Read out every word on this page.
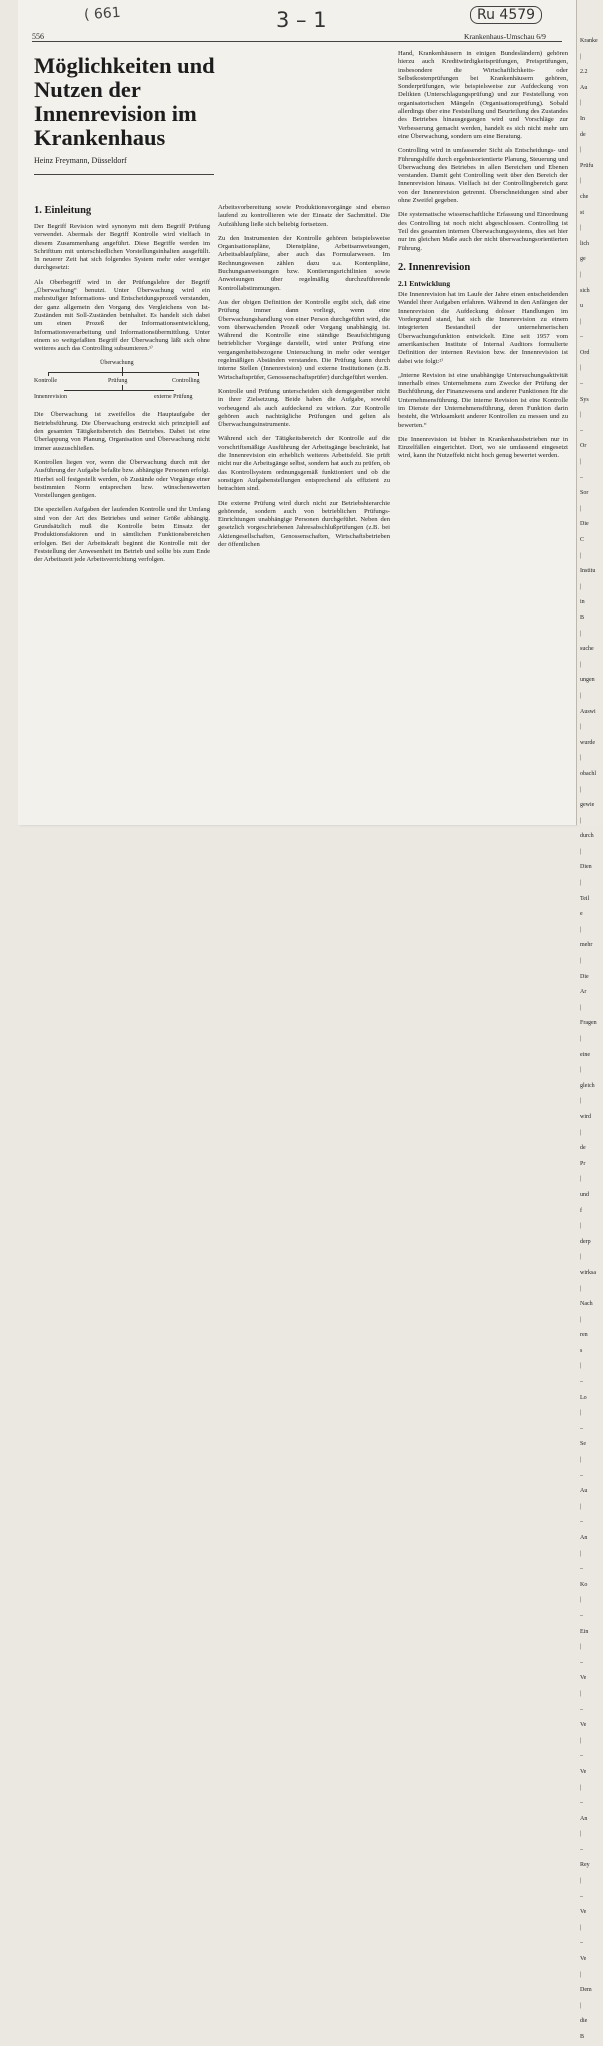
556	Krankenhaus-Umschau 6/9
( 661	3 – 1	Ru 4579
Möglichkeiten und Nutzen der Innenrevision im Krankenhaus
Heinz Freymann, Düsseldorf
1. Einleitung

Der Begriff Revision wird synonym mit dem Begriff Prüfung verwendet. Abermals der Begriff Kontrolle wird vielfach in diesem Zusammenhang angeführt. Diese Begriffe werden im Schrifttum mit unterschiedlichen Vorstellungsinhalten ausgefüllt. In neuerer Zeit hat sich folgendes System mehr oder weniger durchgesetzt:

Als Oberbegriff wird in der Prüfungslehre der Begriff „Überwachung“ benutzt. Unter Überwachung wird ein mehrstufiger Informations- und Entscheidungsprozeß verstanden, der ganz allgemein den Vorgang des Vergleichens von Ist-Zuständen mit Soll-Zuständen beinhaltet. Es handelt sich dabei um einen Prozeß der Informationsentwicklung, Informationsverarbeitung und Informationsübermittlung. Unter einem so weitgefaßten Begriff der Überwachung läßt sich ohne weiteres auch das Controlling subsumieren.¹⁾

Überwachung
Kontrolle	Prüfung	Controlling
Innenrevision	externe Prüfung

Die Überwachung ist zweifellos die Hauptaufgabe der Betriebsführung. Die Überwachung erstreckt sich prinzipiell auf den gesamten Tätigkeitsbereich des Betriebes. Dabei ist eine Überlappung von Planung, Organisation und Überwachung nicht immer auszuschließen.

Kontrollen liegen vor, wenn die Überwachung durch mit der Ausführung der Aufgabe befaßte bzw. abhängige Personen erfolgt. Hierbei soll festgestellt werden, ob Zustände oder Vorgänge einer bestimmten Norm entsprechen bzw. wünschenswerten Vorstellungen genügen.

Die speziellen Aufgaben der laufenden Kontrolle und ihr Umfang sind von der Art des Betriebes und seiner Größe abhängig. Grundsätzlich muß die Kontrolle beim Einsatz der Produktionsfaktoren und in sämtlichen Funktionsbereichen erfolgen. Bei der Arbeitskraft beginnt die Kontrolle mit der Feststellung der Anwesenheit im Betrieb und sollte bis zum Ende der Arbeitszeit jede Arbeitsverrichtung verfolgen.

Arbeitsvorbereitung sowie Produktionsvorgänge sind ebenso laufend zu kontrollieren wie der Einsatz der Sachmittel. Die Aufzählung ließe sich beliebig fortsetzen.

Zu den Instrumenten der Kontrolle gehören beispielsweise Organisationspläne, Dienstpläne, Arbeitsanweisungen, Arbeitsablaufpläne, aber auch das Formularwesen. Im Rechnungswesen zählen dazu u.a. Kontenpläne, Buchungsanweisungen bzw. Kontierungsrichtlinien sowie Anweisungen über regelmäßig durchzuführende Kontrollabstimmungen.

Aus der obigen Definition der Kontrolle ergibt sich, daß eine Prüfung immer dann vorliegt, wenn eine Überwachungshandlung von einer Person durchgeführt wird, die vom überwachenden Prozeß oder Vorgang unabhängig ist. Während die Kontrolle eine ständige Beaufsichtigung betrieblicher Vorgänge darstellt, wird unter Prüfung eine vergangenheitsbezogene Untersuchung in mehr oder weniger regelmäßigen Abständen verstanden. Die Prüfung kann durch interne Stellen (Innenrevision) und externe Institutionen (z.B. Wirtschaftsprüfer, Genossenschaftsprüfer) durchgeführt werden.

Kontrolle und Prüfung unterscheiden sich demgegenüber nicht in ihrer Zielsetzung. Beide haben die Aufgabe, sowohl vorbeugend als auch aufdeckend zu wirken. Zur Kontrolle gehören auch nachträgliche Prüfungen und gelten als Überwachungsinstrumente.

Während sich der Tätigkeitsbereich der Kontrolle auf die vorschriftsmäßige Ausführung der Arbeitsgänge beschränkt, hat die Innenrevision ein erheblich weiteres Arbeitsfeld. Sie prüft nicht nur die Arbeitsgänge selbst, sondern hat auch zu prüfen, ob das Kontrollsystem ordnungsgemäß funktioniert und ob die sonstigen Aufgabenstellungen entsprechend als effizient zu betrachten sind.

Die externe Prüfung wird durch nicht zur Betriebshierarchie gehörende, sondern auch von betrieblichen Prüfungs-Einrichtungen unabhängige Personen durchgeführt. Neben den gesetzlich vorgeschriebenen Jahresabschlußprüfungen (z.B. bei Aktiengesellschaften, Genossenschaften, Wirtschaftsbetrieben der öffentlichen

Hand, Krankenhäusern in einigen Bundesländern) gehören hierzu auch Kreditwürdigkeitsprüfungen, Preisprüfungen, insbesondere die Wirtschaftlichkeits- oder Selbstkostenprüfungen bei Krankenhäusern gehören, Sonderprüfungen, wie beispielsweise zur Aufdeckung von Delikten (Unterschlagungsprüfung) und zur Feststellung von organisatorischen Mängeln (Organisationsprüfung). Sobald allerdings über eine Feststellung und Beurteilung des Zustandes des Betriebes hinausgegangen wird und Vorschläge zur Verbesserung gemacht werden, handelt es sich nicht mehr um eine Überwachung, sondern um eine Beratung.

Controlling wird in umfassender Sicht als Entscheidungs- und Führungshilfe durch ergebnisorientierte Planung, Steuerung und Überwachung des Betriebes in allen Bereichen und Ebenen verstanden. Damit geht Controlling weit über den Bereich der Innenrevision hinaus. Vielfach ist der Controllingbereich ganz von der Innenrevision getrennt. Überschneidungen sind aber ohne Zweifel gegeben.

Die systematische wissenschaftliche Erfassung und Einordnung des Controlling ist noch nicht abgeschlossen. Controlling ist Teil des gesamten internen Überwachungssystems, dies sei hier nur im gleichen Maße auch der nicht überwachungsorientierten Führung.

2. Innenrevision
2.1 Entwicklung

Die Innenrevision hat im Laufe der Jahre einen entscheidenden Wandel ihrer Aufgaben erfahren. Während in den Anfängen der Innenrevision die Aufdeckung doloser Handlungen im Vordergrund stand, hat sich die Innenrevision zu einem integrierten Bestandteil der unternehmerischen Überwachungsfunktion entwickelt. Eine seit 1957 vom amerikanischen Institute of Internal Auditors formulierte Definition der internen Revision bzw. der Innenrevision ist dabei wie folgt:²⁾

„Interne Revision ist eine unabhängige Untersuchungsaktivität innerhalb eines Unternehmens zum Zwecke der Prüfung der Buchführung, der Finanzwesens und anderer Funktionen für die Unternehmensführung. Die interne Revision ist eine Kontrolle im Dienste der Unternehmensführung, deren Funktion darin besteht, die Wirksamkeit anderer Kontrollen zu messen und zu bewerten.“

Die Innenrevision ist bisher in Krankenhausbetrieben nur in Einzelfällen eingerichtet. Dort, wo sie umfassend eingesetzt wird, kann ihr Nutzeffekt nicht hoch genug bewertet werden.

Kranke | 2.2 Au | In de | Prüfu | che st | lich ge | sich u | – Ord | – Sys | – Or | – Sor | Die C | Institu | in B | suche | ungen | Auswi | wurde | obachl | gewie | durch | Dien | Teil e | mehr | Die Ar | Fragen | eine | gleich | wird | de Pr | und f | derp | wirksa | Nach | ren s | – Lo | – Se | – Au | – An | – Ko | – Ein | – Ve | – Ve | – Ve | – An | – Rey | – Ve | – Ve | Dem | die B
